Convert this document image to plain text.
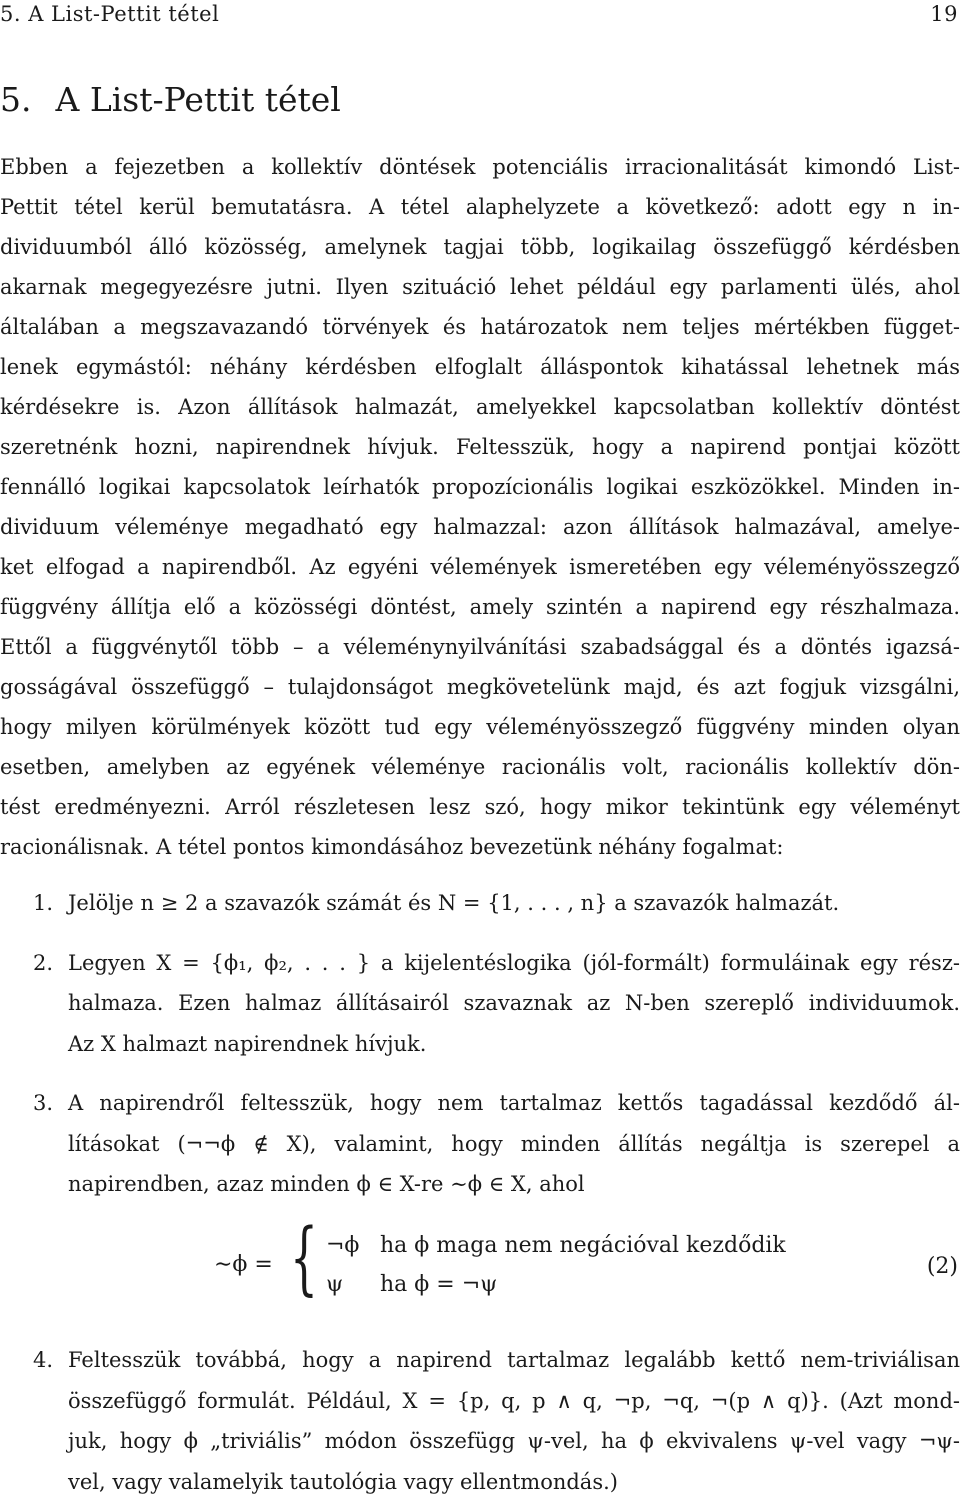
5. A List-Pettit tétel	19
5. A List-Pettit tétel
Ebben a fejezetben a kollektív döntések potenciális irracionalitását kimondó List-
Pettit tétel kerül bemutatásra. A tétel alaphelyzete a következő: adott egy n in-
dividuumból álló közösség, amelynek tagjai több, logikailag összefüggő kérdésben
akarnak megegyezésre jutni. Ilyen szituáció lehet például egy parlamenti ülés, ahol
általában a megszavazandó törvények és határozatok nem teljes mértékben függet-
lenek egymástól: néhány kérdésben elfoglalt álláspontok kihatással lehetnek más
kérdésekre is. Azon állítások halmazát, amelyekkel kapcsolatban kollektív döntést
szeretnénk hozni, napirendnek hívjuk. Feltesszük, hogy a napirend pontjai között
fennálló logikai kapcsolatok leírhatók propozícionális logikai eszközökkel. Minden in-
dividuum véleménye megadható egy halmazzal: azon állítások halmazával, amelye-
ket elfogad a napirendből. Az egyéni vélemények ismeretében egy véleményösszegző
függvény állítja elő a közösségi döntést, amely szintén a napirend egy részhalmaza.
Ettől a függvénytől több – a véleménynyilvánítási szabadsággal és a döntés igazsá-
gosságával összefüggő – tulajdonságot megkövetelünk majd, és azt fogjuk vizsgálni,
hogy milyen körülmények között tud egy véleményösszegző függvény minden olyan
esetben, amelyben az egyének véleménye racionális volt, racionális kollektív dön-
tést eredményezni. Arról részletesen lesz szó, hogy mikor tekintünk egy véleményt
racionálisnak. A tétel pontos kimondásához bevezetünk néhány fogalmat:
1. Jelölje n ≥ 2 a szavazók számát és N = {1, . . . , n} a szavazók halmazát.
2. Legyen X = {ϕ₁, ϕ₂, . . . } a kijelentéslogika (jól-formált) formuláinak egy rész-
halmaza. Ezen halmaz állításairól szavaznak az N-ben szereplő individuumok.
Az X halmazt napirendnek hívjuk.
3. A napirendről feltesszük, hogy nem tartalmaz kettős tagadással kezdődő ál-
lításokat (¬¬ϕ ∉ X), valamint, hogy minden állítás negáltja is szerepel a
napirendben, azaz minden ϕ ∈ X-re ∼ϕ ∈ X, ahol
∼ϕ = { ¬ϕ ha ϕ maga nem negációval kezdődik
ψ ha ϕ = ¬ψ
(2)
4. Feltesszük továbbá, hogy a napirend tartalmaz legalább kettő nem-triviálisan
összefüggő formulát. Például, X = {p, q, p ∧ q, ¬p, ¬q, ¬(p ∧ q)}. (Azt mond-
juk, hogy ϕ „triviális” módon összefügg ψ-vel, ha ϕ ekvivalens ψ-vel vagy ¬ψ-
vel, vagy valamelyik tautológia vagy ellentmondás.)
